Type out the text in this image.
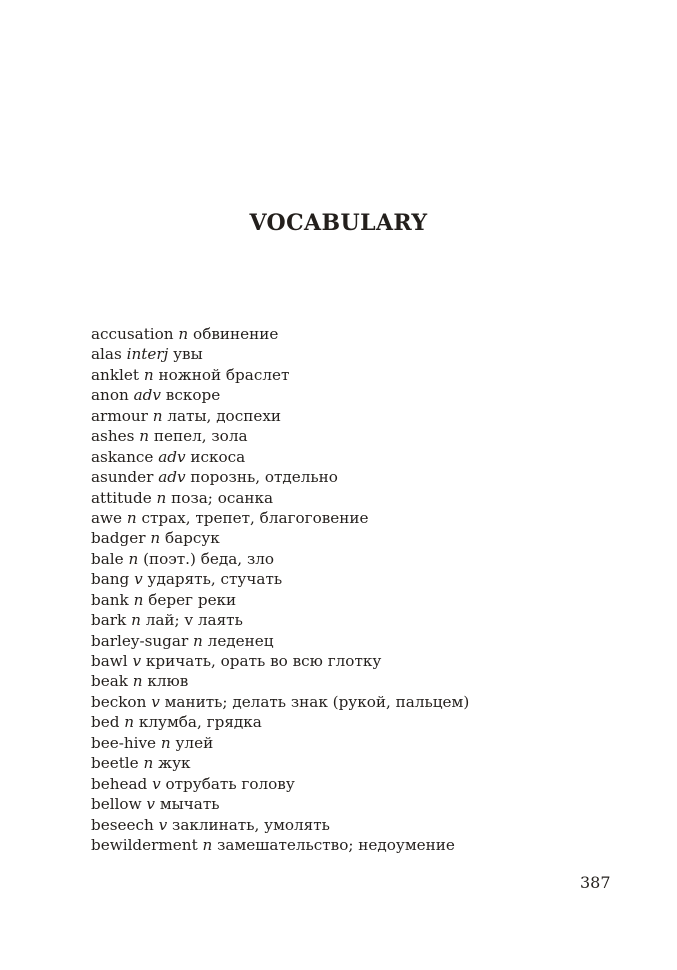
VOCABULARY
accusation n обвинение
alas interj увы
anklet n ножной браслет
anon adv вскоре
armour n латы, доспехи
ashes n пепел, зола
askance adv искоса
asunder adv порознь, отдельно
attitude n поза; осанка
awe n страх, трепет, благоговение
badger n барсук
bale n (поэт.) беда, зло
bang v ударять, стучать
bank n берег реки
bark n лай; v лаять
barley-sugar n леденец
bawl v кричать, орать во всю глотку
beak n клюв
beckon v манить; делать знак (рукой, пальцем)
bed n клумба, грядка
bee-hive n улей
beetle n жук
behead v отрубать голову
bellow v мычать
beseech v заклинать, умолять
bewilderment n замешательство; недоумение
387
